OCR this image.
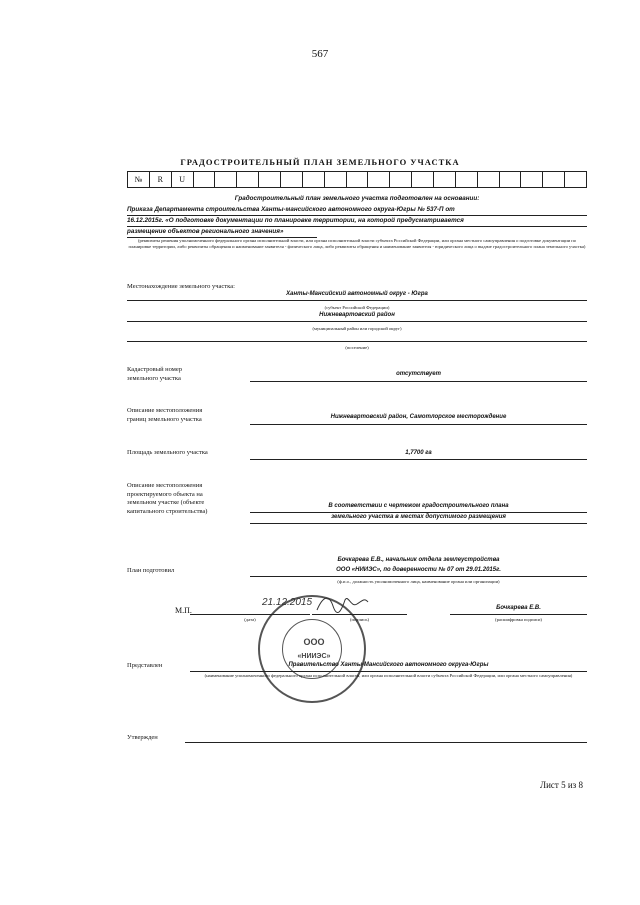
567
ГРАДОСТРОИТЕЛЬНЫЙ ПЛАН ЗЕМЕЛЬНОГО УЧАСТКА
№	R	U
Градостроительный план земельного участка подготовлен на основании:
Приказа Департамента строительства Ханты-мансийского автономного округа-Югры № 537-П от
16.12.2015г. «О подготовке документации по планировке территории, на которой предусматривается
размещение объектов регионального значения»
(реквизиты решения уполномоченного федерального органа исполнительной власти, или органа исполнительной власти субъекта Российской Федерации, или органа местного самоуправления о подготовке документации по планировке территории, либо реквизиты обращения и наименование заявителя - физического лица, либо реквизиты обращения и наименование заявителя - юридического лица о выдаче градостроительного плана земельного участка)
Местонахождение земельного участка:
Ханты-Мансийский автономный округ - Югра
(субъект Российской Федерации)
Нижневартовский район
(муниципальный район или городской округ)
(поселение)
Кадастровый номер
земельного участка
отсутствует
Описание местоположения
границ земельного участка	Нижневартовский район, Самотлорское месторождение
Площадь земельного участка	1,7700 га
Описание местоположения
проектируемого объекта на
земельном участке (объекте
капитального строительства)
В соответствии с чертежом градостроительного плана
земельного участка в местах допустимого размещения
План подготовил
Бочкарева Е.В., начальник отдела землеустройства
ООО «НИИЭС», по доверенности № 07 от 29.01.2015г.
(ф.и.о., должность уполномоченного лица, наименование органа или организации)
ООО
«НИИЭС»
М.П.
21.12.2015
(дата)	(подпись)
Бочкарева Е.В.
(расшифровка подписи)
Представлен	Правительство Ханты-Мансийского автономного округа-Югры
(наименование уполномоченного федерального органа исполнительной власти, или органа исполнительной власти субъекта Российской Федерации, или органа местного самоуправления)
Утвержден
Лист 5 из 8
